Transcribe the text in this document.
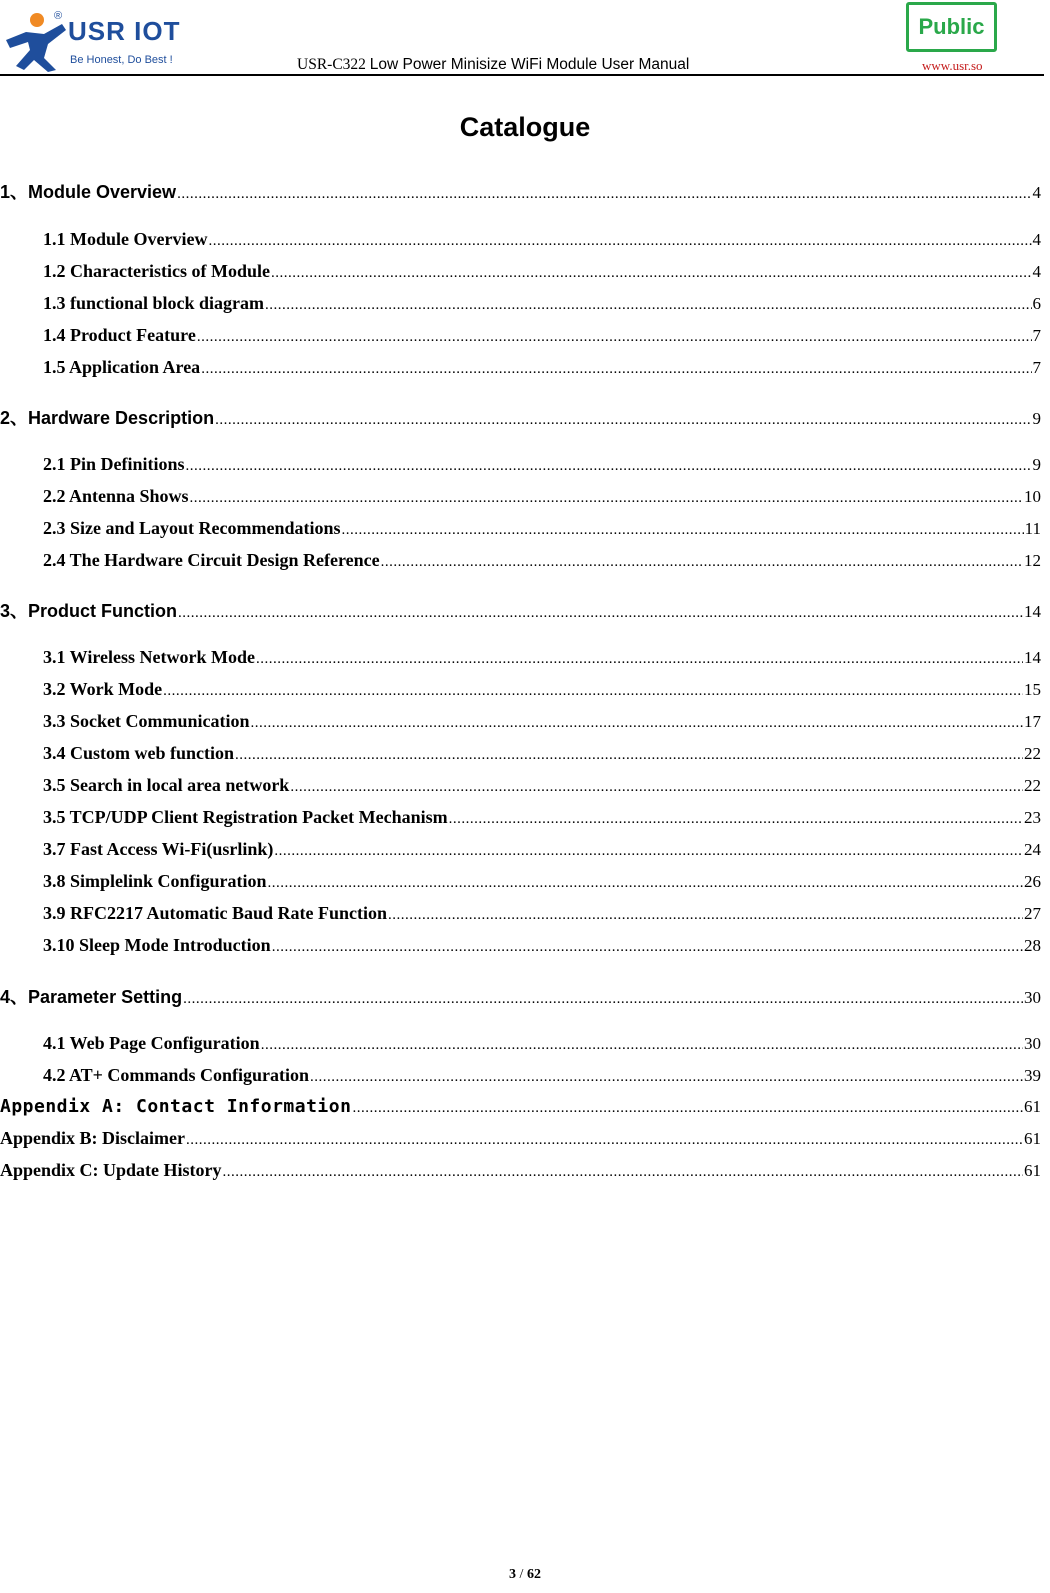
® USR IOT
Be Honest, Do Best !	USR-C322 Low Power Minisize WiFi Module User Manual
Public
www.usr.so
Catalogue
1、Module Overview .....	4
1.1 Module Overview .....	4
1.2 Characteristics of Module .....	4
1.3 functional block diagram .....	6
1.4 Product Feature .....	7
1.5 Application Area .....	7
2、Hardware Description .....	9
2.1 Pin Definitions .....	9
2.2 Antenna Shows .....	10
2.3 Size and Layout Recommendations .....	11
2.4 The Hardware Circuit Design Reference .....	12
3、Product Function .....	14
3.1 Wireless Network Mode .....	14
3.2 Work Mode .....	15
3.3 Socket Communication .....	17
3.4 Custom web function .....	22
3.5 Search in local area network .....	22
3.5 TCP/UDP Client Registration Packet Mechanism .....	23
3.7 Fast Access Wi-Fi(usrlink) .....	24
3.8 Simplelink Configuration .....	26
3.9 RFC2217 Automatic Baud Rate Function .....	27
3.10 Sleep Mode Introduction .....	28
4、Parameter Setting .....	30
4.1 Web Page Configuration .....	30
4.2 AT+ Commands Configuration .....	39
Appendix A: Contact Information .....	61
Appendix B: Disclaimer .....	61
Appendix C: Update History .....	61
3 / 62
